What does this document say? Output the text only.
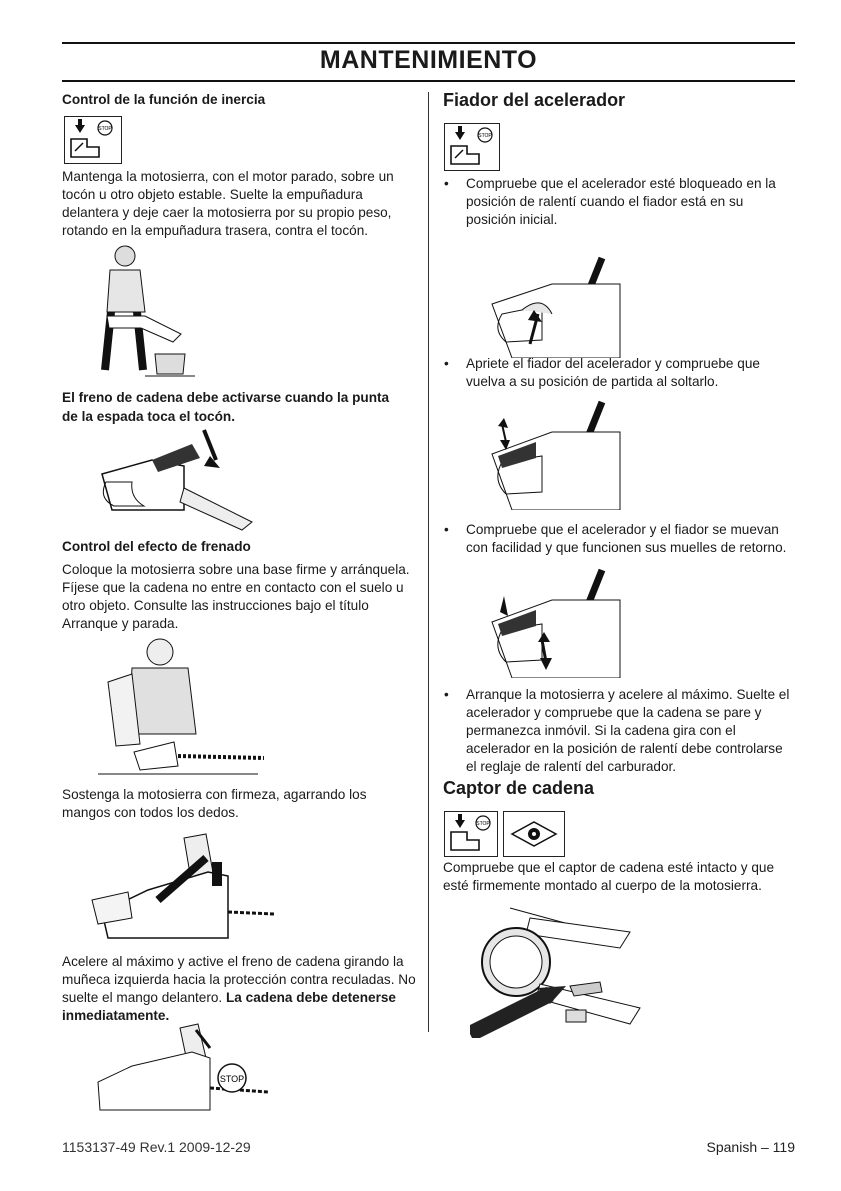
MANTENIMIENTO
Control de la función de inercia
STOP

Mantenga la motosierra, con el motor parado, sobre un tocón u otro objeto estable. Suelte la empuñadura delantera y deje caer la motosierra por su propio peso, rotando en la empuñadura trasera, contra el tocón.

El freno de cadena debe activarse cuando la punta de la espada toca el tocón.
Control del efecto de frenado

Coloque la motosierra sobre una base firme y arránquela. Fíjese que la cadena no entre en contacto con el suelo u otro objeto. Consulte las instrucciones bajo el título Arranque y parada.

Sostenga la motosierra con firmeza, agarrando los mangos con todos los dedos.

Acelere al máximo y active el freno de cadena girando la muñeca izquierda hacia la protección contra reculadas. No suelte el mango delantero. La cadena debe detenerse inmediatamente.

STOP
Fiador del acelerador
STOP
• Compruebe que el acelerador esté bloqueado en la posición de ralentí cuando el fiador está en su posición inicial.
• Apriete el fiador del acelerador y compruebe que vuelva a su posición de partida al soltarlo.
• Compruebe que el acelerador y el fiador se muevan con facilidad y que funcionen sus muelles de retorno.
• Arranque la motosierra y acelere al máximo. Suelte el acelerador y compruebe que la cadena se pare y permanezca inmóvil. Si la cadena gira con el acelerador en la posición de ralentí debe controlarse el reglaje de ralentí del carburador.
Captor de cadena
STOP

Compruebe que el captor de cadena esté intacto y que esté firmemente montado al cuerpo de la motosierra.

1153137-49 Rev.1 2009-12-29	Spanish – 119
